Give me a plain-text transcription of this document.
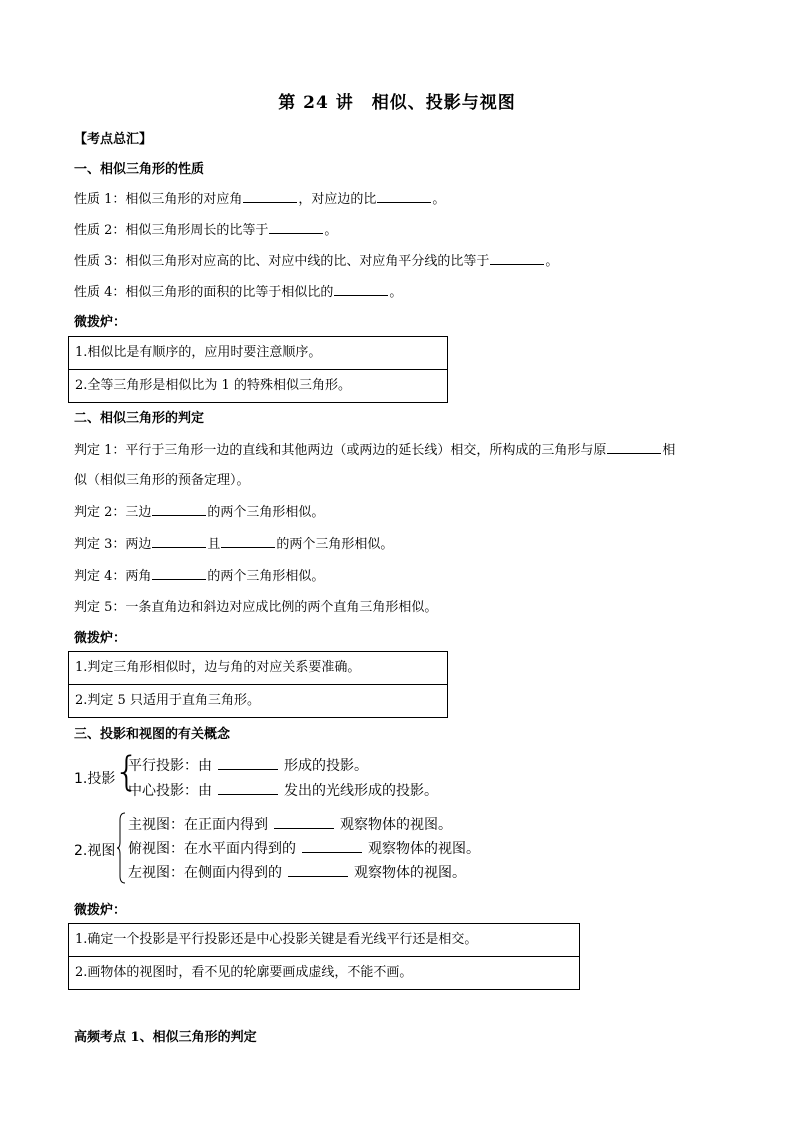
第 24 讲　相似、投影与视图
【考点总汇】
一、相似三角形的性质
性质 1：相似三角形的对应角	，对应边的比	。
性质 2：相似三角形周长的比等于	。
性质 3：相似三角形对应高的比、对应中线的比、对应角平分线的比等于	。
性质 4：相似三角形的面积的比等于相似比的	。
微拨炉：
1.相似比是有顺序的，应用时要注意顺序。
2.全等三角形是相似比为 1 的特殊相似三角形。
二、相似三角形的判定
判定 1：平行于三角形一边的直线和其他两边（或两边的延长线）相交，所构成的三角形与原	相
似（相似三角形的预备定理）。
判定 2：三边	的两个三角形相似。
判定 3：两边	且	的两个三角形相似。
判定 4：两角	的两个三角形相似。
判定 5：一条直角边和斜边对应成比例的两个直角三角形相似。
微拨炉：
1.判定三角形相似时，边与角的对应关系要准确。
2.判定 5 只适用于直角三角形。
三、投影和视图的有关概念
1.投影
{
平行投影：由	形成的投影。
中心投影：由	发出的光线形成的投影。
2.视图
主视图：在正面内得到	观察物体的视图。
俯视图：在水平面内得到的	观察物体的视图。
左视图：在侧面内得到的	观察物体的视图。
微拨炉：
1.确定一个投影是平行投影还是中心投影关键是看光线平行还是相交。
2.画物体的视图时，看不见的轮廓要画成虚线，不能不画。
高频考点 1、相似三角形的判定
